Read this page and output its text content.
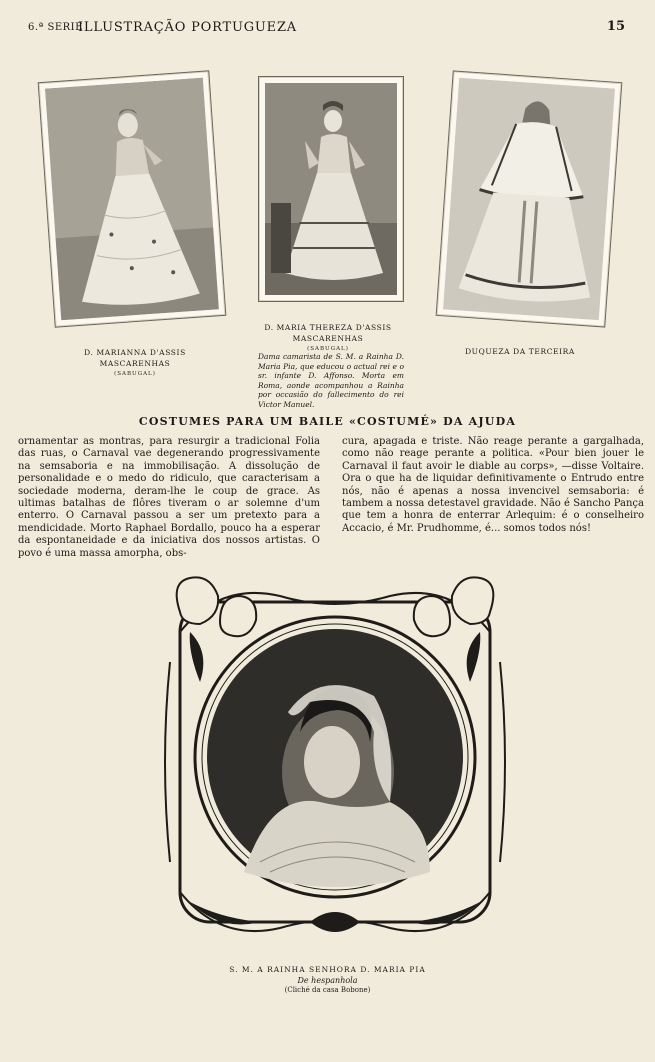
6.ª SERIE
ILLUSTRAÇÃO PORTUGUEZA	15
D. MARIANNA D'ASSIS
MASCARENHAS
(SABUGAL)
D. MARIA THEREZA D'ASSIS
MASCARENHAS
(SABUGAL)
Dama camarista de S. M. a Rainha D. Maria Pia, que educou o actual rei e o sr. infante D. Affonso. Morta em Roma, aonde acompanhou a Rainha por occasião do fallecimento do rei Victor Manuel.
DUQUEZA DA TERCEIRA
COSTUMES PARA UM BAILE «COSTUMÉ» DA AJUDA
ornamentar as montras, para resurgir a tradicional Folia das ruas, o Carnaval vae degenerando progressivamente na semsaboria e na immobilisação. A dissolução de personalidade e o medo do ridiculo, que caracterisam a sociedade moderna, deram-lhe le coup de grace. As ultimas batalhas de flôres tiveram o ar solemne d'um enterro. O Carnaval passou a ser um pretexto para a mendicidade. Morto Raphael Bordallo, pouco ha a esperar da espontaneidade e da iniciativa dos nossos artistas. O povo é uma massa amorpha, obs-
cura, apagada e triste. Não reage perante a gargalhada, como não reage perante a politica. «Pour bien jouer le Carnaval il faut avoir le diable au corps», —disse Voltaire. Ora o que ha de liquidar definitivamente o Entrudo entre nós, não é apenas a nossa invencivel semsaboria: é tambem a nossa detestavel gravidade. Não é Sancho Pança que tem a honra de enterrar Arlequim: é o conselheiro Accacio, é Mr. Prudhomme, é... somos todos nós!
S. M. A RAINHA SENHORA D. MARIA PIA
De hespanhola
(Cliché da casa Bobone)
